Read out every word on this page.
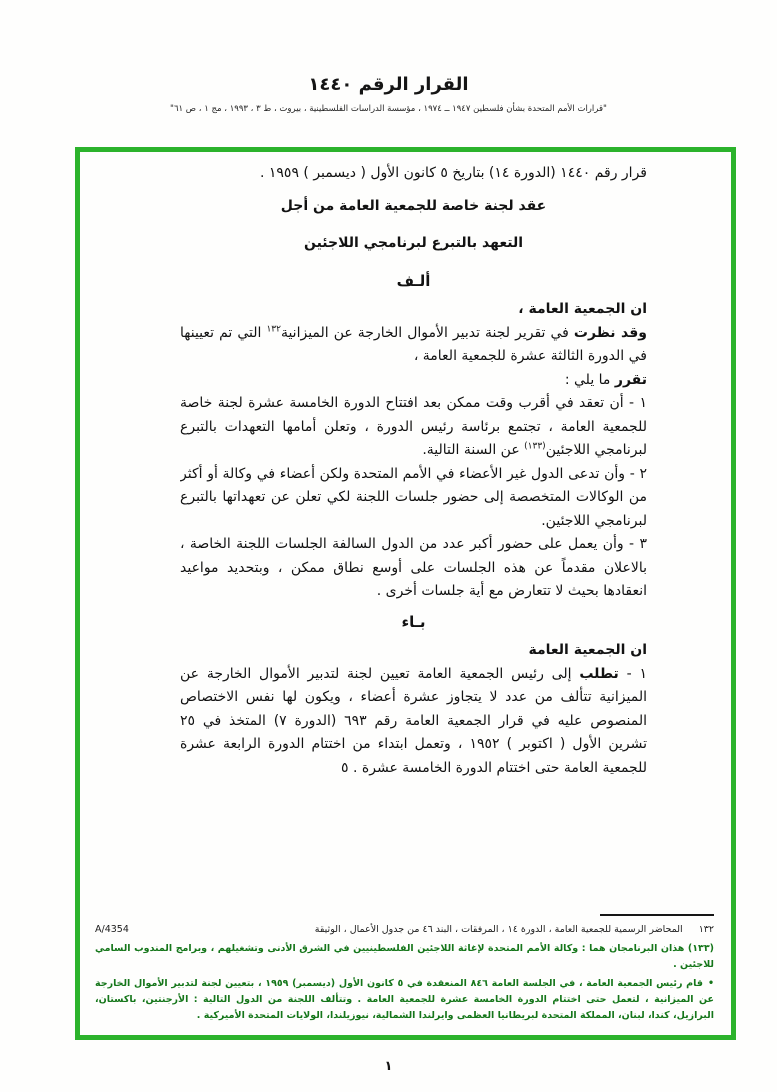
القرار الرقم ١٤٤٠
"قرارات الأمم المتحدة بشأن فلسطين ١٩٤٧ ــ ١٩٧٤ ، مؤسسة الدراسات الفلسطينية ، بيروت ، ط ٣ ، ١٩٩٣ ، مج ١ ، ص ٦١"

قرار رقم ١٤٤٠ (الدورة ١٤) بتاريخ ٥ كانون الأول ( ديسمبر ) ١٩٥٩ .

عقد لجنة خاصة للجمعية العامة من أجل

التعهد بالتبرع لبرنامجي اللاجئين

ألـف

ان الجمعية العامة ،

وقد نظرت في تقرير لجنة تدبير الأموال الخارجة عن الميزانية$^{١٣٢}$ التي تم تعيينها في الدورة الثالثة عشرة للجمعية العامة ،

تقرر ما يلي :

١ - أن تعقد في أقرب وقت ممكن بعد افتتاح الدورة الخامسة عشرة لجنة خاصة للجمعية العامة ، تجتمع برئاسة رئيس الدورة ، وتعلن أمامها التعهدات بالتبرع لبرنامجي اللاجئين$^{(١٣٣)}$ عن السنة التالية.

٢ - وأن تدعى الدول غير الأعضاء في الأمم المتحدة ولكن أعضاء في وكالة أو أكثر من الوكالات المتخصصة إلى حضور جلسات اللجنة لكي تعلن عن تعهداتها بالتبرع لبرنامجي اللاجئين.

٣ - وأن يعمل على حضور أكبر عدد من الدول السالفة الجلسات اللجنة الخاصة ، بالاعلان مقدماً عن هذه الجلسات على أوسع نطاق ممكن ، وبتحديد مواعيد انعقادها بحيث لا تتعارض مع أية جلسات أخرى .

بـاء

ان الجمعية العامة

١ - تطلب إلى رئيس الجمعية العامة تعيين لجنة لتدبير الأموال الخارجة عن الميزانية تتألف من عدد لا يتجاوز عشرة أعضاء ، ويكون لها نفس الاختصاص المنصوص عليه في قرار الجمعية العامة رقم ٦٩٣ (الدورة ٧) المتخذ في ٢٥ تشرين الأول ( اكتوبر ) ١٩٥٢ ، وتعمل ابتداء من اختتام الدورة الرابعة عشرة للجمعية العامة حتى اختتام الدورة الخامسة عشرة . ٥

١٣٢المحاضر الرسمية للجمعية العامة ، الدورة ١٤ ، المرفقات ، البند ٤٦ من جدول الأعمال ، الوثيقة
A/4354
(١٣٣) هذان البرنامجان هما : وكالة الأمم المتحدة لإغاثة اللاجئين الفلسطينيين في الشرق الأدنى وتشغيلهم ، وبرامج المندوب السامي للاجئين .
•قام رئيس الجمعية العامة ، في الجلسة العامة ٨٤٦ المنعقدة في ٥ كانون الأول (ديسمبر) ١٩٥٩ ، بتعيين لجنة لتدبير الأموال الخارجة عن الميزانية ، لتعمل حتى اختتام الدورة الخامسة عشرة للجمعية العامة . وتتألف اللجنة من الدول التالية : الأرجنتين، باكستان، البرازيل، كندا، لبنان، المملكة المتحدة لبريطانيا العظمى وايرلندا الشمالية، نيوزيلندا، الولايات المتحدة الأميركية .
١
